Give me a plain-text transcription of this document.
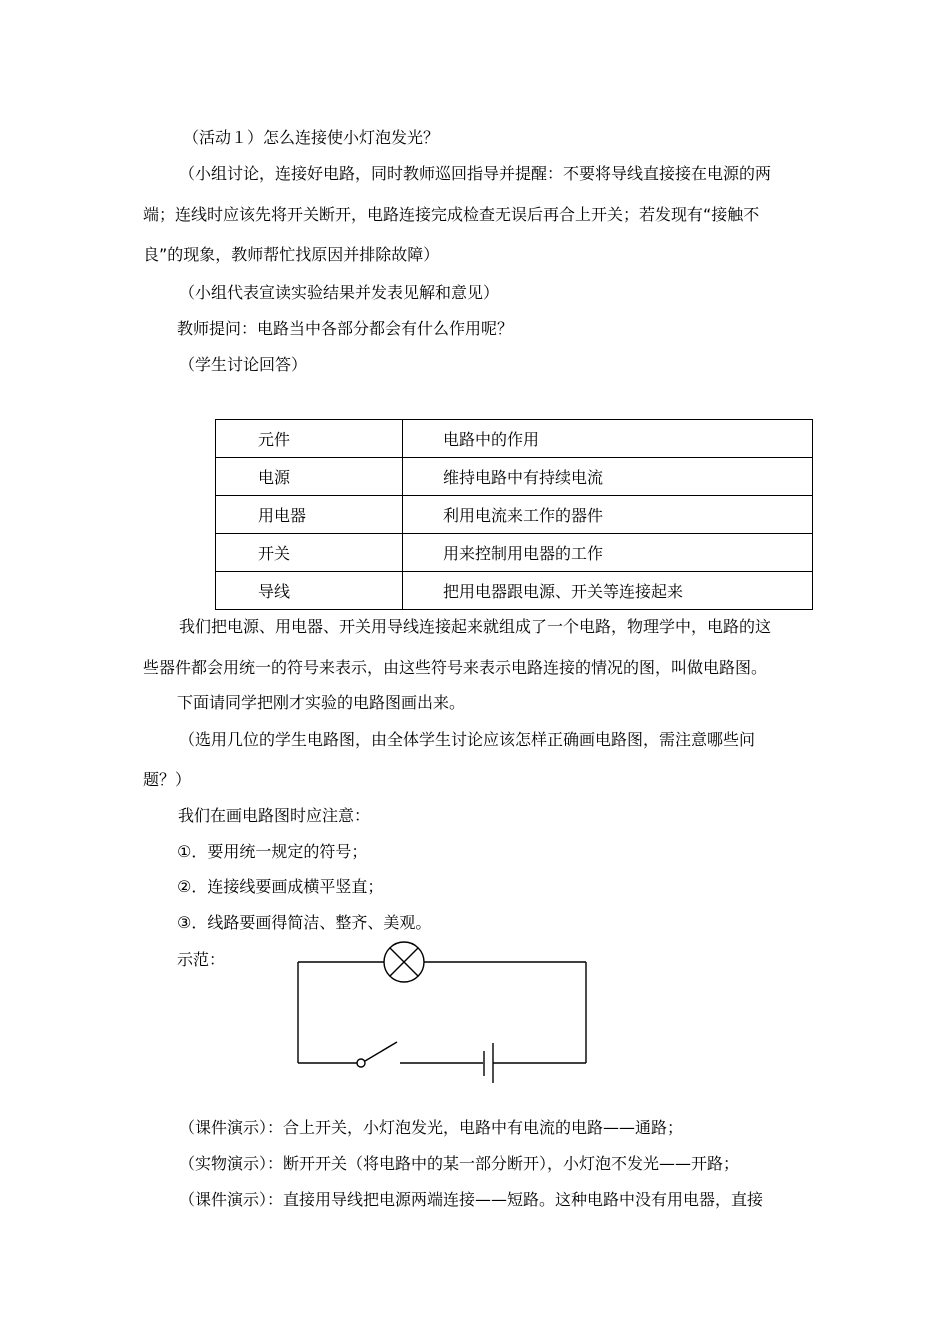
（活动１）怎么连接使小灯泡发光？
（小组讨论，连接好电路，同时教师巡回指导并提醒：不要将导线直接接在电源的两
端；连线时应该先将开关断开，电路连接完成检查无误后再合上开关；若发现有“接触不
良”的现象，教师帮忙找原因并排除故障）
（小组代表宣读实验结果并发表见解和意见）
教师提问：电路当中各部分都会有什么作用呢？
（学生讨论回答）
元件	电路中的作用
电源	维持电路中有持续电流
用电器	利用电流来工作的器件
开关	用来控制用电器的工作
导线	把用电器跟电源、开关等连接起来
我们把电源、用电器、开关用导线连接起来就组成了一个电路，物理学中，电路的这
些器件都会用统一的符号来表示，由这些符号来表示电路连接的情况的图，叫做电路图。
下面请同学把刚才实验的电路图画出来。
（选用几位的学生电路图，由全体学生讨论应该怎样正确画电路图，需注意哪些问
题？）
我们在画电路图时应注意：
①．要用统一规定的符号；
②．连接线要画成横平竖直；
③．线路要画得简洁、整齐、美观。
示范：
（课件演示）：合上开关，小灯泡发光，电路中有电流的电路——通路；
（实物演示）：断开开关（将电路中的某一部分断开），小灯泡不发光——开路；
（课件演示）：直接用导线把电源两端连接——短路。这种电路中没有用电器，直接
